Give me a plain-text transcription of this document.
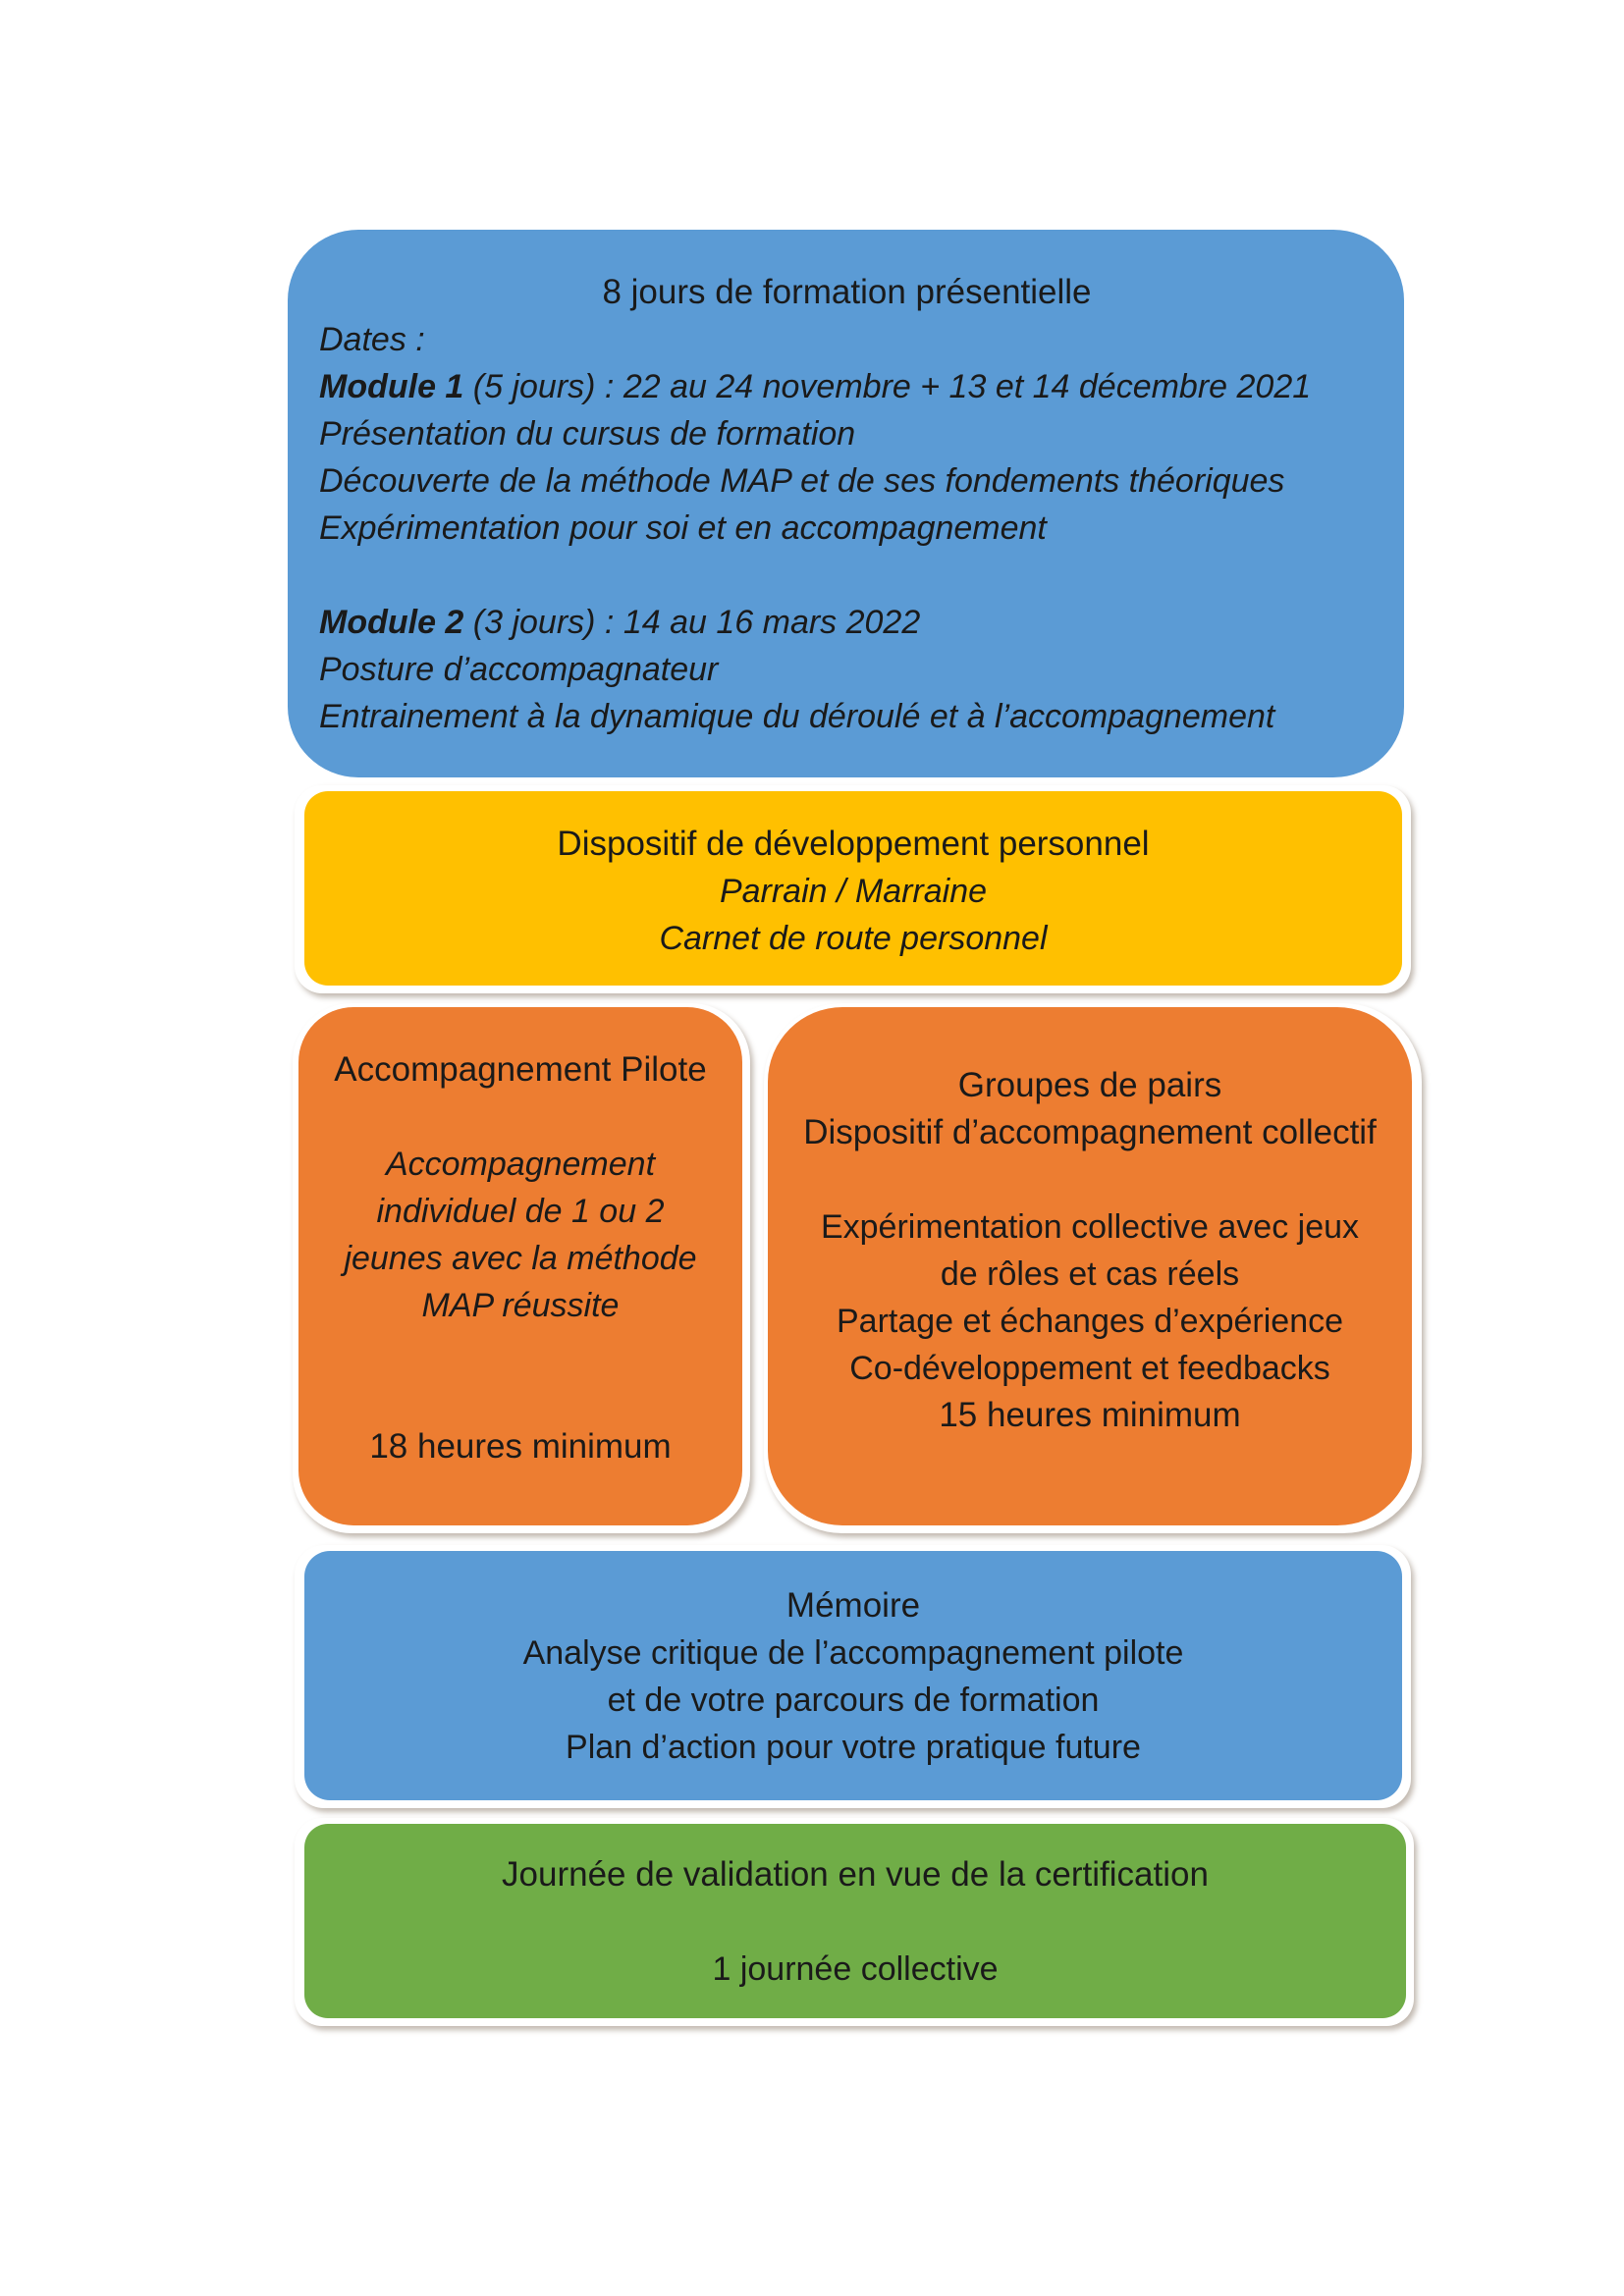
8 jours de formation présentielle

Dates :

Module 1 (5 jours) : 22 au 24 novembre + 13 et 14 décembre 2021

Présentation du cursus de formation

Découverte de la méthode MAP et de ses fondements théoriques

Expérimentation pour soi et en accompagnement

Module 2 (3 jours) : 14 au 16 mars 2022

Posture d’accompagnateur

Entrainement à la dynamique du déroulé et à l’accompagnement

Dispositif de développement personnel

Parrain / Marraine

Carnet de route personnel

Accompagnement Pilote

Accompagnement

individuel de 1 ou 2

jeunes avec la méthode

MAP réussite

18 heures minimum

Groupes de pairs

Dispositif d’accompagnement collectif

Expérimentation collective avec jeux

de rôles et cas réels

Partage et échanges d’expérience

Co-développement et feedbacks

15 heures minimum

Mémoire

Analyse critique de l’accompagnement pilote

et de votre parcours de formation

Plan d’action pour votre pratique future

Journée de validation en vue de la certification

1 journée collective
